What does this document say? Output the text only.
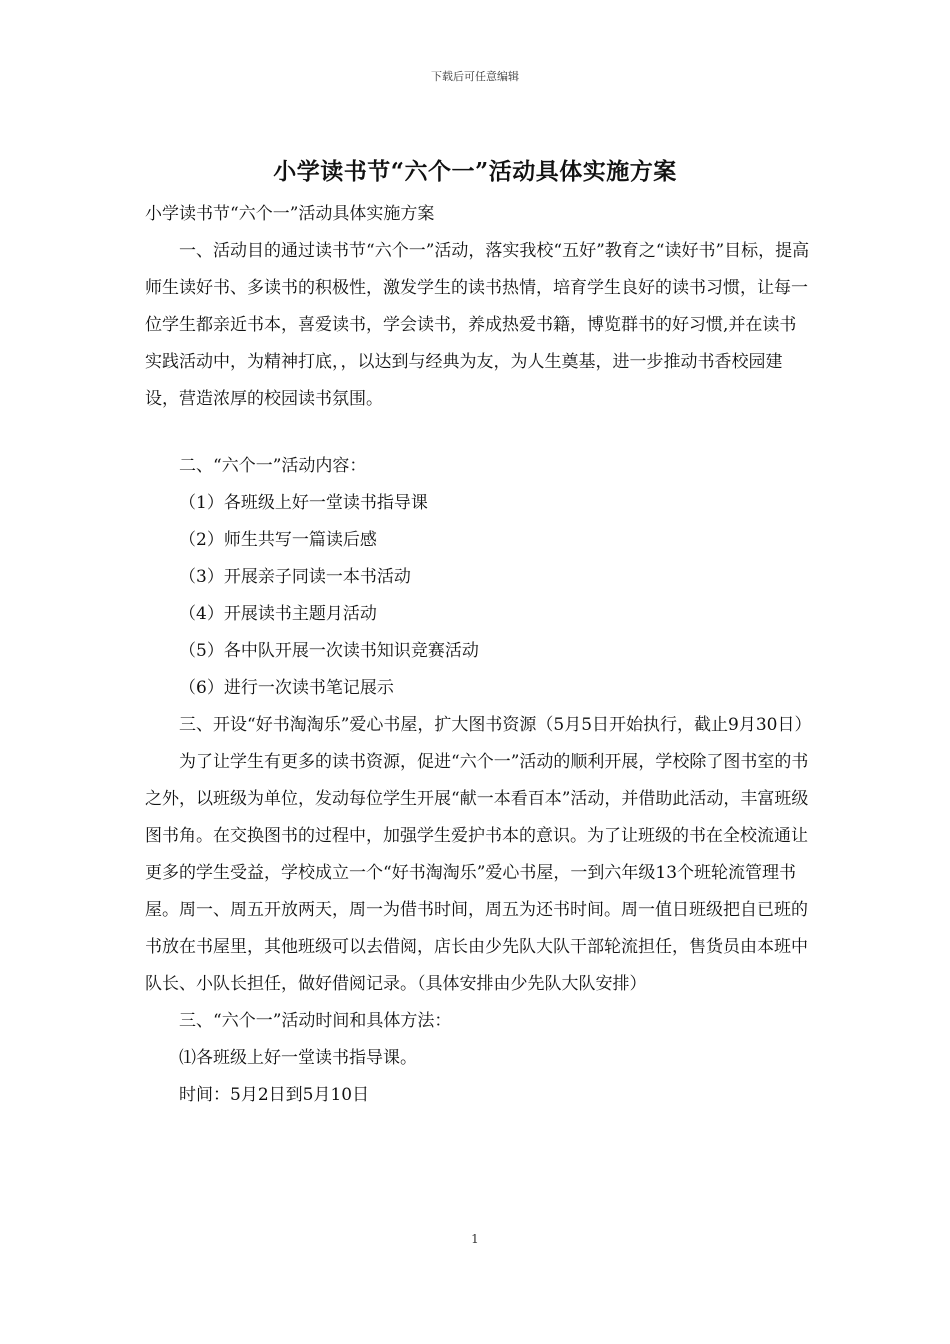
下载后可任意编辑
小学读书节“六个一”活动具体实施方案
小学读书节“六个一”活动具体实施方案

一、活动目的通过读书节“六个一”活动，落实我校“五好”教育之“读好书”目标，提高师生读好书、多读书的积极性，激发学生的读书热情，培育学生良好的读书习惯，让每一位学生都亲近书本，喜爱读书，学会读书，养成热爱书籍，博览群书的好习惯,并在读书实践活动中，为精神打底，，以达到与经典为友，为人生奠基，进一步推动书香校园建设，营造浓厚的校园读书氛围。

二、“六个一”活动内容：

（1）各班级上好一堂读书指导课

（2）师生共写一篇读后感

（3）开展亲子同读一本书活动

（4）开展读书主题月活动

（5）各中队开展一次读书知识竞赛活动

（6）进行一次读书笔记展示

三、开设“好书淘淘乐”爱心书屋，扩大图书资源（5月5日开始执行，截止9月30日）

为了让学生有更多的读书资源，促进“六个一”活动的顺利开展，学校除了图书室的书之外，以班级为单位，发动每位学生开展“献一本看百本”活动，并借助此活动，丰富班级图书角。在交换图书的过程中，加强学生爱护书本的意识。为了让班级的书在全校流通让更多的学生受益，学校成立一个“好书淘淘乐”爱心书屋，一到六年级13个班轮流管理书屋。周一、周五开放两天，周一为借书时间，周五为还书时间。周一值日班级把自已班的书放在书屋里，其他班级可以去借阅，店长由少先队大队干部轮流担任，售货员由本班中队长、小队长担任，做好借阅记录。（具体安排由少先队大队安排）

三、“六个一”活动时间和具体方法：

⑴各班级上好一堂读书指导课。

时间：5月2日到5月10日

1
